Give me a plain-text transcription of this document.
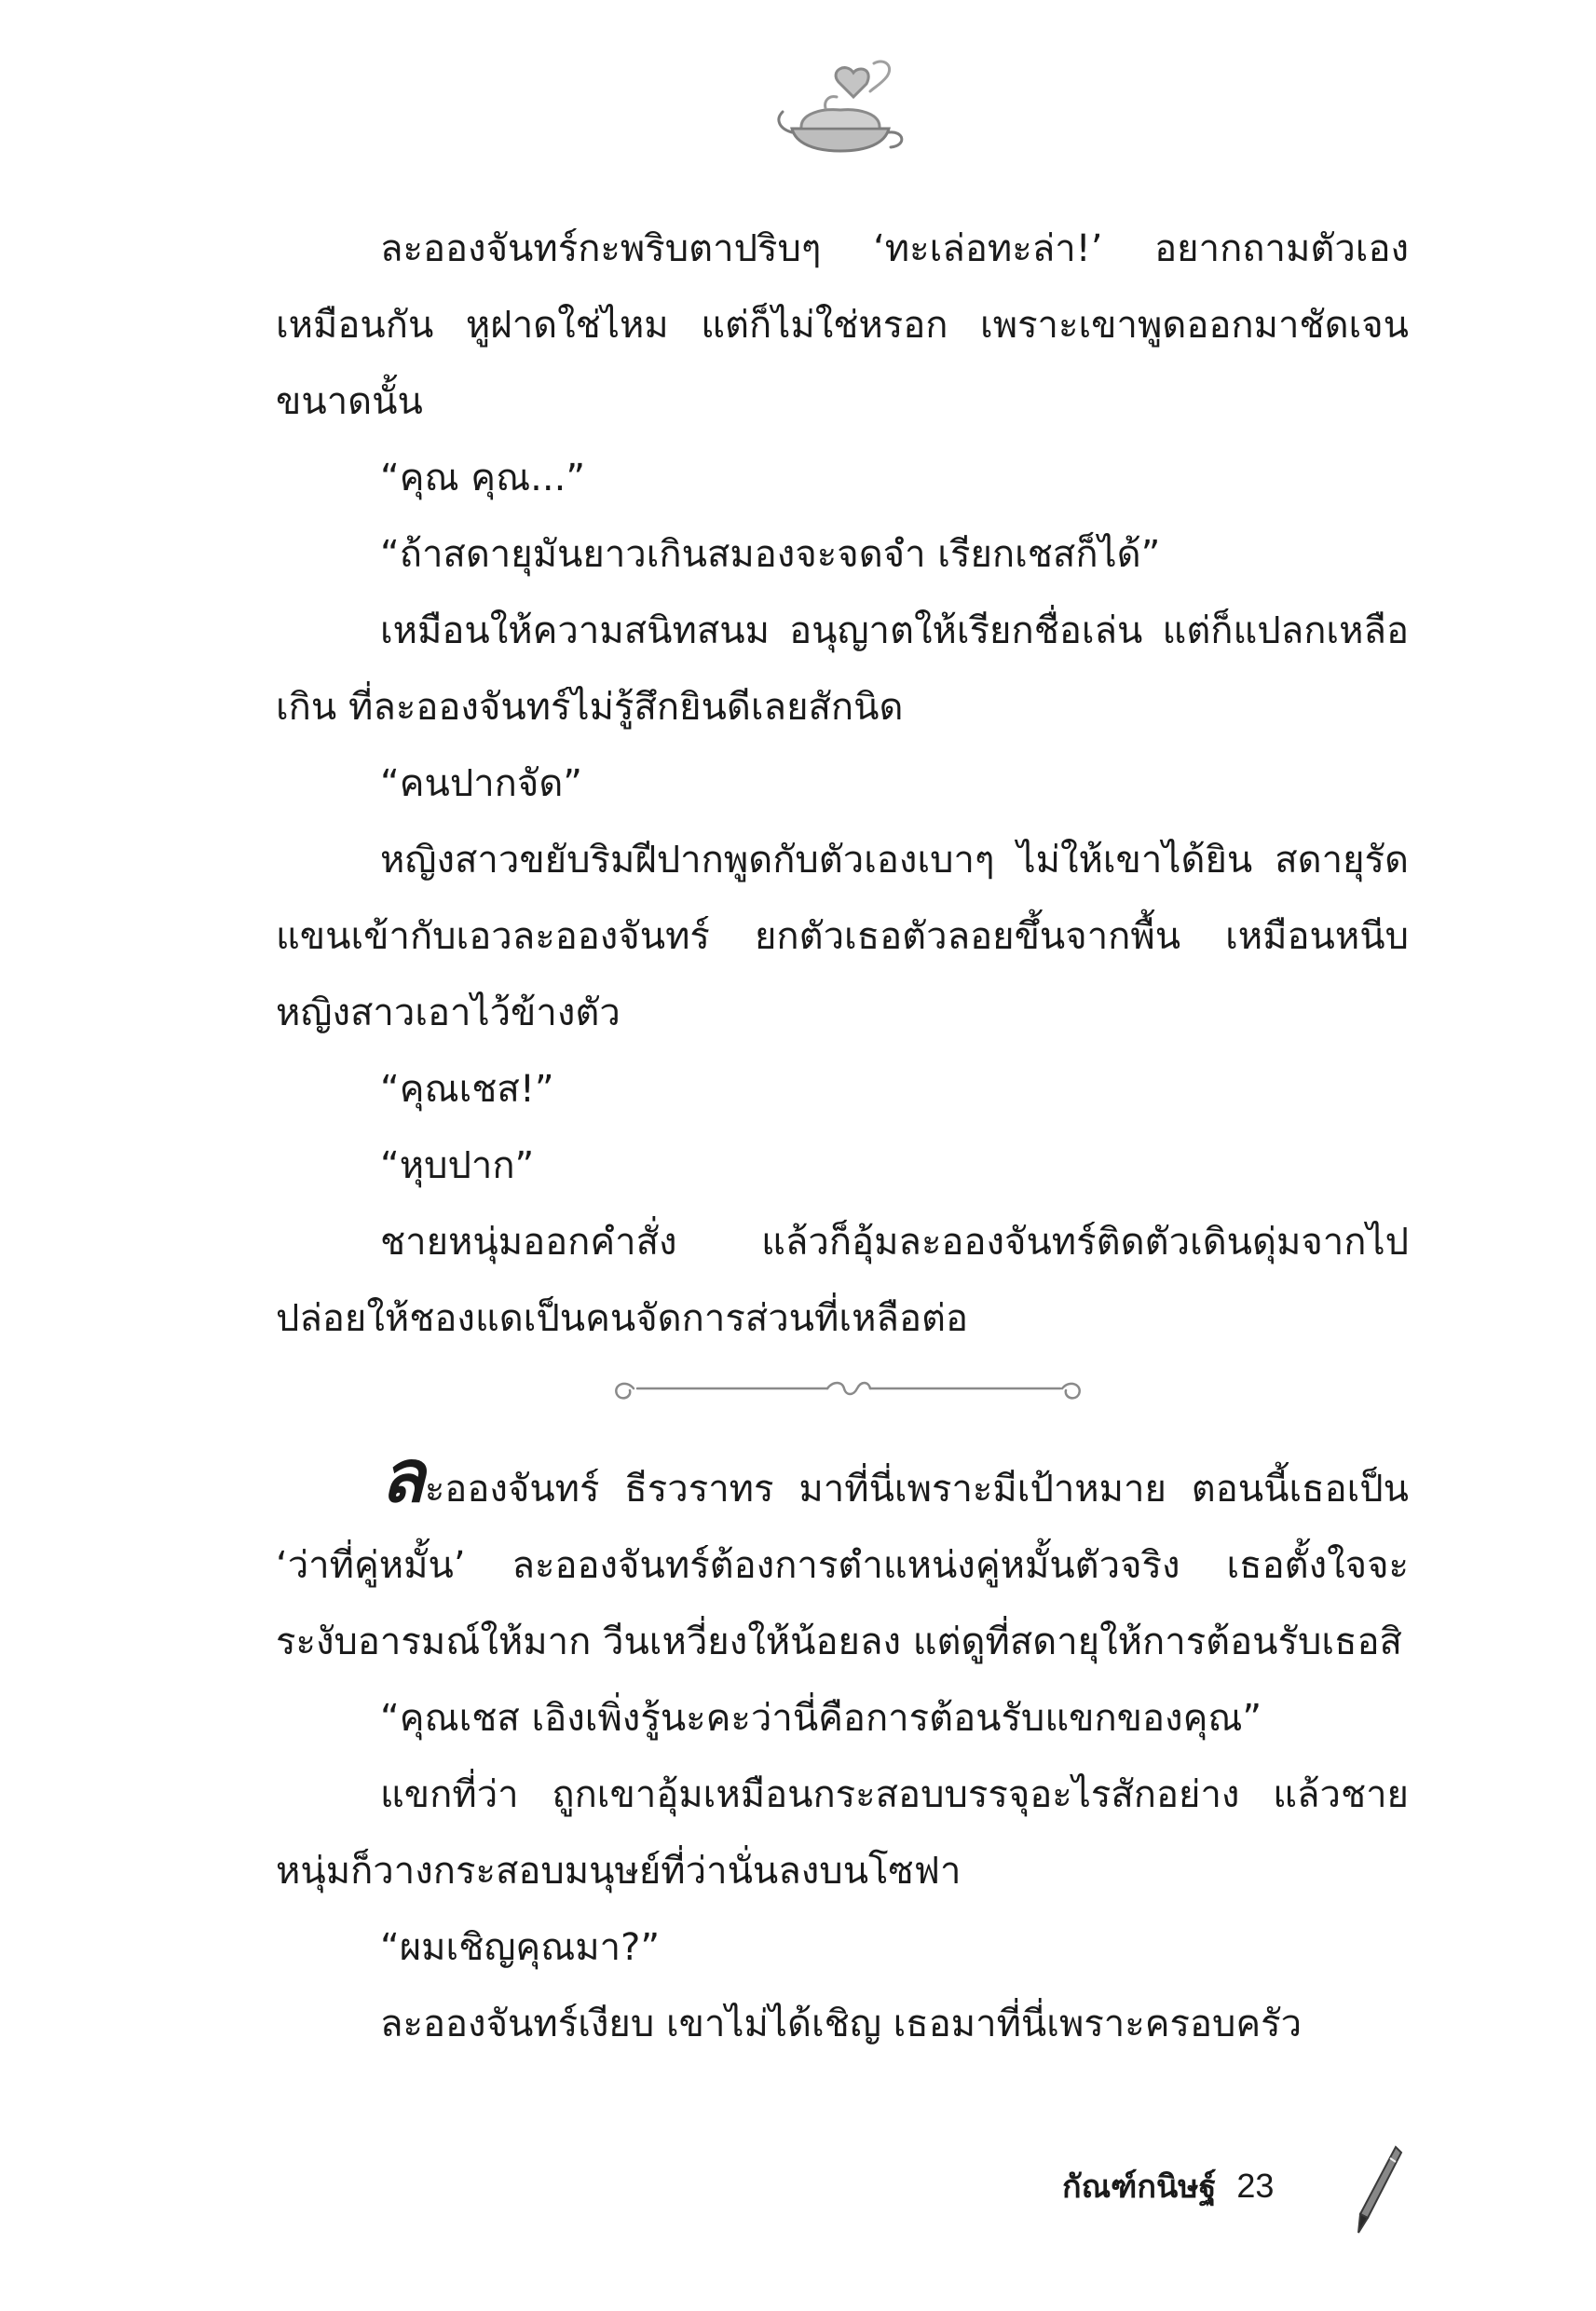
ละอองจันทร์กะพริบตาปริบๆ ‘ทะเล่อทะล่า!’ อยากถามตัวเองเหมือนกัน หูฝาดใช่ไหม แต่ก็ไม่ใช่หรอก เพราะเขาพูดออกมาชัดเจนขนาดนั้น

“คุณ คุณ...”

“ถ้าสดายุมันยาวเกินสมองจะจดจำ เรียกเชสก็ได้”

เหมือนให้ความสนิทสนม อนุญาตให้เรียกชื่อเล่น แต่ก็แปลกเหลือเกิน ที่ละอองจันทร์ไม่รู้สึกยินดีเลยสักนิด

“คนปากจัด”

หญิงสาวขยับริมฝีปากพูดกับตัวเองเบาๆ ไม่ให้เขาได้ยิน สดายุรัดแขนเข้ากับเอวละอองจันทร์ ยกตัวเธอตัวลอยขึ้นจากพื้น เหมือนหนีบหญิงสาวเอาไว้ข้างตัว

“คุณเชส!”

“หุบปาก”

ชายหนุ่มออกคำสั่ง แล้วก็อุ้มละอองจันทร์ติดตัวเดินดุ่มจากไปปล่อยให้ชองแดเป็นคนจัดการส่วนที่เหลือต่อ

ละอองจันทร์ ธีรวราทร มาที่นี่เพราะมีเป้าหมาย ตอนนี้เธอเป็น ‘ว่าที่คู่หมั้น’ ละอองจันทร์ต้องการตำแหน่งคู่หมั้นตัวจริง เธอตั้งใจจะระงับอารมณ์ให้มาก วีนเหวี่ยงให้น้อยลง แต่ดูที่สดายุให้การต้อนรับเธอสิ

“คุณเชส เอิงเพิ่งรู้นะคะว่านี่คือการต้อนรับแขกของคุณ”

แขกที่ว่า ถูกเขาอุ้มเหมือนกระสอบบรรจุอะไรสักอย่าง แล้วชายหนุ่มก็วางกระสอบมนุษย์ที่ว่านั่นลงบนโซฟา

“ผมเชิญคุณมา?”

ละอองจันทร์เงียบ เขาไม่ได้เชิญ เธอมาที่นี่เพราะครอบครัว

กัณฑ์กนิษฐ์ 23
